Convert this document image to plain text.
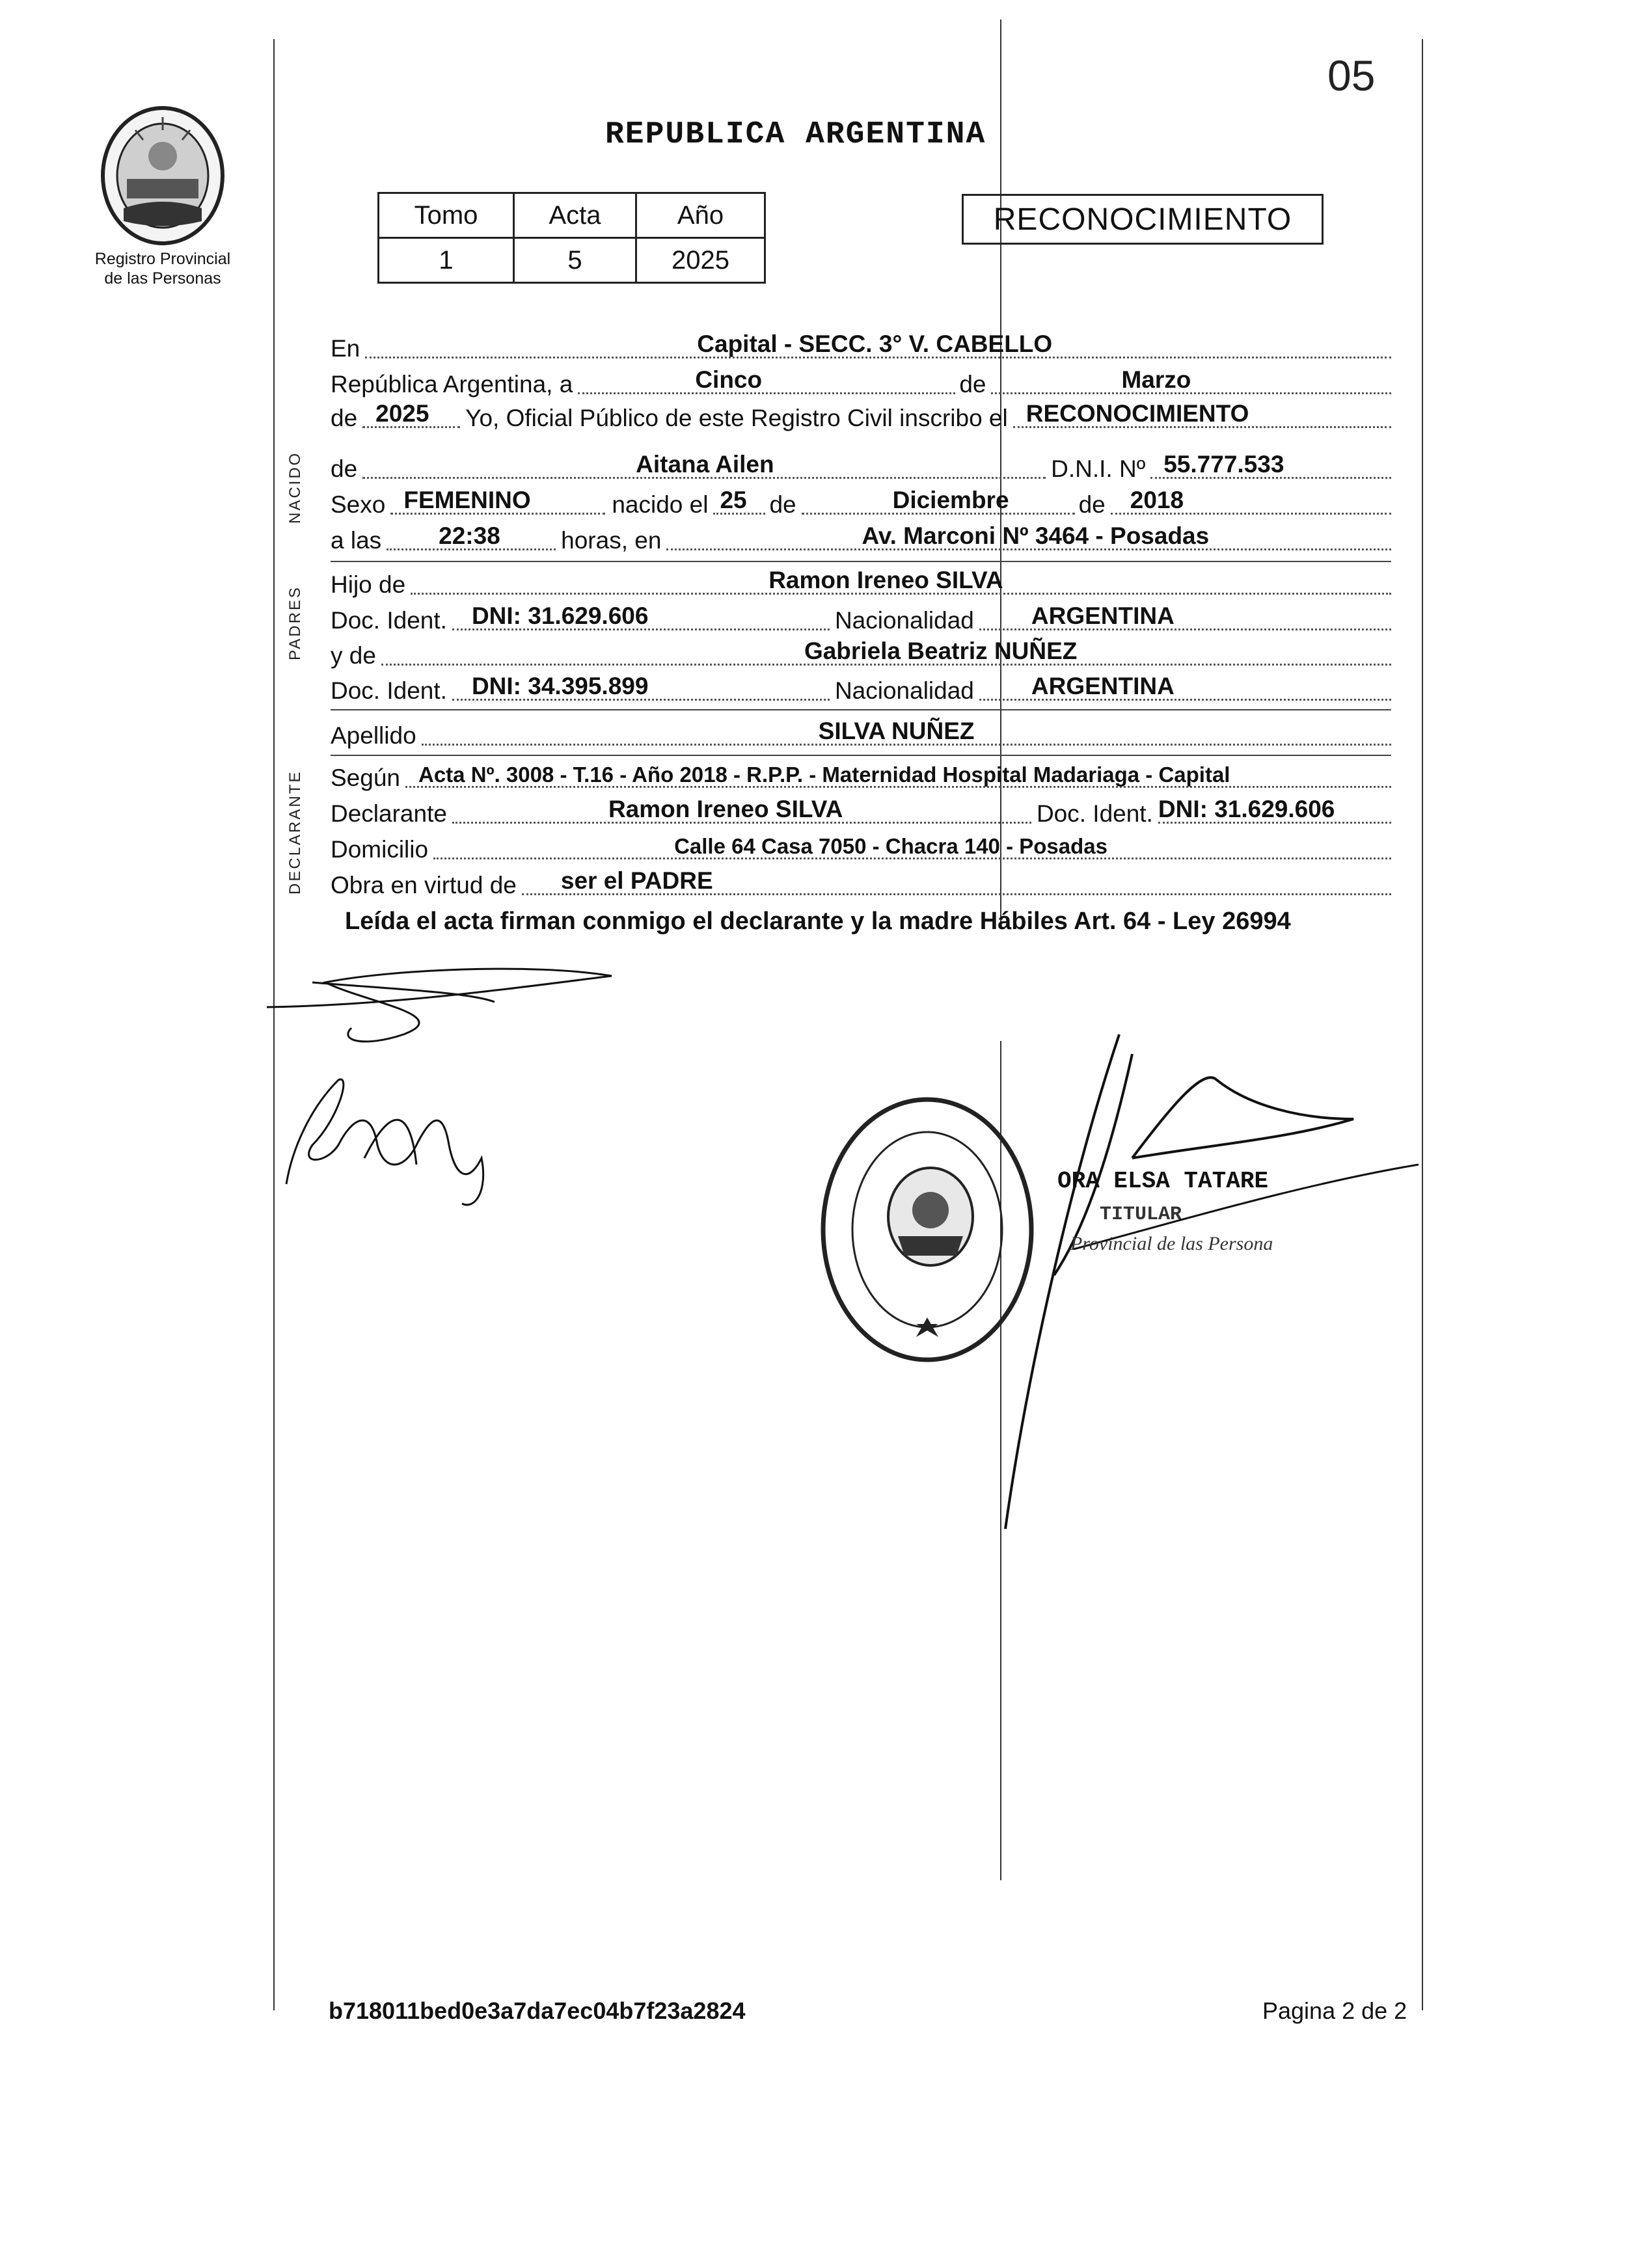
05
REPUBLICA ARGENTINA
Registro Provincial
de las Personas
Tomo	Acta	Año
1	5	2025
RECONOCIMIENTO
NACIDO
PADRES
DECLARANTE
En	Capital - SECC. 3° V. CABELLO
República Argentina, a	Cinco	de	Marzo
de 2025 Yo, Oficial Público de este Registro Civil inscribo el RECONOCIMIENTO
de	Aitana Ailen	D.N.I. Nº 55.777.533
Sexo FEMENINO	nacido el 25 de	Diciembre	de 2018
a las 22:38	horas, en	Av. Marconi Nº 3464 - Posadas
Hijo de	Ramon Ireneo SILVA
Doc. Ident. DNI: 31.629.606	Nacionalidad ARGENTINA
y de	Gabriela Beatriz NUÑEZ
Doc. Ident. DNI: 34.395.899	Nacionalidad ARGENTINA
Apellido	SILVA NUÑEZ
Según Acta Nº. 3008 - T.16 - Año 2018 - R.P.P. - Maternidad Hospital Madariaga - Capital
Declarante	Ramon Ireneo SILVA	Doc. Ident. DNI: 31.629.606
Domicilio	Calle 64 Casa 7050 - Chacra 140 - Posadas
Obra en virtud de ser el PADRE
Leída el acta firman conmigo el declarante y la madre Hábiles Art. 64 - Ley 26994
ORA ELSA TATARE
TITULAR
Provincial de las Persona
b718011bed0e3a7da7ec04b7f23a2824	Pagina 2 de 2
